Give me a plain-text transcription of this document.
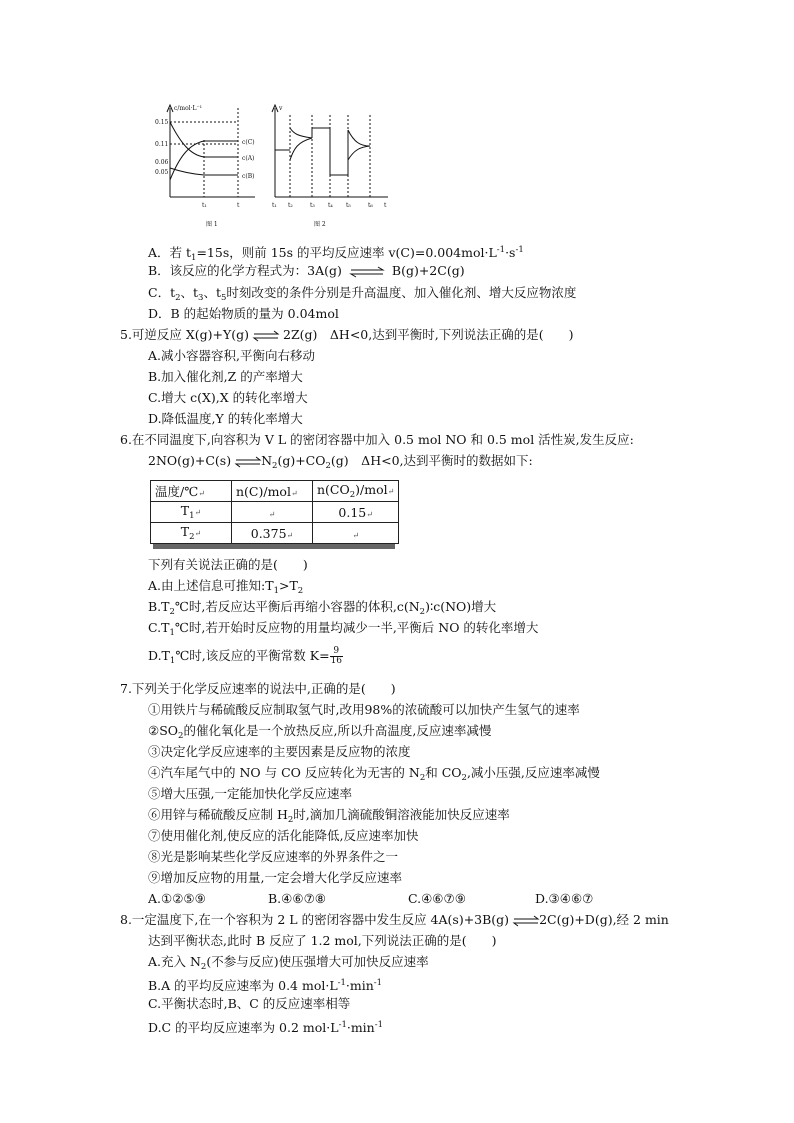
c/mol·L⁻¹
0.15
0.11
0.06
0.05
c(C)
c(A)
c(B)
t₁	t
图 1
v
t₁ t₂	t₃ t₄ t₅	t₆ t
图 2
A．若 $t_1=15s$，则前 15s 的平均反应速率 $v(C)=0.004mol\cdot L^{-1}\cdot s^{-1}$
B．该反应的化学方程式为：3A(g) ⇌ B(g)+2C(g)
C．$t_2$、$t_3$、$t_5$时刻改变的条件分别是升高温度、加入催化剂、增大反应物浓度
D．B 的起始物质的量为 0.04mol
5.可逆反应 X(g)+Y(g) ⇌ 2Z(g)　ΔH<0,达到平衡时,下列说法正确的是(　　)
A.减小容器容积,平衡向右移动
B.加入催化剂,Z 的产率增大
C.增大 c(X),X 的转化率增大
D.降低温度,Y 的转化率增大
6.在不同温度下,向容积为 V L 的密闭容器中加入 0.5 mol NO 和 0.5 mol 活性炭,发生反应:
2NO(g)+C(s) $\rightleftharpoons N_2(g)+CO_2(g)$　ΔH<0,达到平衡时的数据如下:
温度/℃↵	n(C)/mol↵	$n(CO_2)/mol↵$
$T_1↵$	↵	0.15↵
$T_2↵$	0.375↵	↵
下列有关说法正确的是(　　)
A.由上述信息可推知$:T_1>T_2$
$B.T_2℃$时,若反应达平衡后再缩小容器的体积$,c(N_2)∶c(NO)$增大
$C.T_1℃$时,若开始时反应物的用量均减少一半,平衡后 NO 的转化率增大
$D.T_1℃$时,该反应的平衡常数 $K= \frac{9}{16}$
7.下列关于化学反应速率的说法中,正确的是(　　)
①用铁片与稀硫酸反应制取氢气时,改用98%的浓硫酸可以加快产生氢气的速率
$②SO_2$的催化氧化是一个放热反应,所以升高温度,反应速率减慢
③决定化学反应速率的主要因素是反应物的浓度
④汽车尾气中的 NO 与 CO 反应转化为无害的 $N_2$和 $CO_2$,减小压强,反应速率减慢
⑤增大压强,一定能加快化学反应速率
⑥用锌与稀硫酸反应制 $H_2$时,滴加几滴硫酸铜溶液能加快反应速率
⑦使用催化剂,使反应的活化能降低,反应速率加快
⑧光是影响某些化学反应速率的外界条件之一
⑨增加反应物的用量,一定会增大化学反应速率
A.①②⑤⑨	B.④⑥⑦⑧	C.④⑥⑦⑨	D.③④⑥⑦
8.一定温度下,在一个容积为 2 L 的密闭容器中发生反应 4A(s)+3B(g) ⇌2C(g)+D(g),经 2 min
达到平衡状态,此时 B 反应了 1.2 mol,下列说法正确的是(　　)
A.充入 $N_2$(不参与反应)使压强增大可加快反应速率
B.A 的平均反应速率为 0.4 $mol\cdot L^{-1}\cdot\min^{-1}$
C.平衡状态时,B、C 的反应速率相等
D.C 的平均反应速率为 0.2 $mol\cdot L^{-1}\cdot\min^{-1}$
